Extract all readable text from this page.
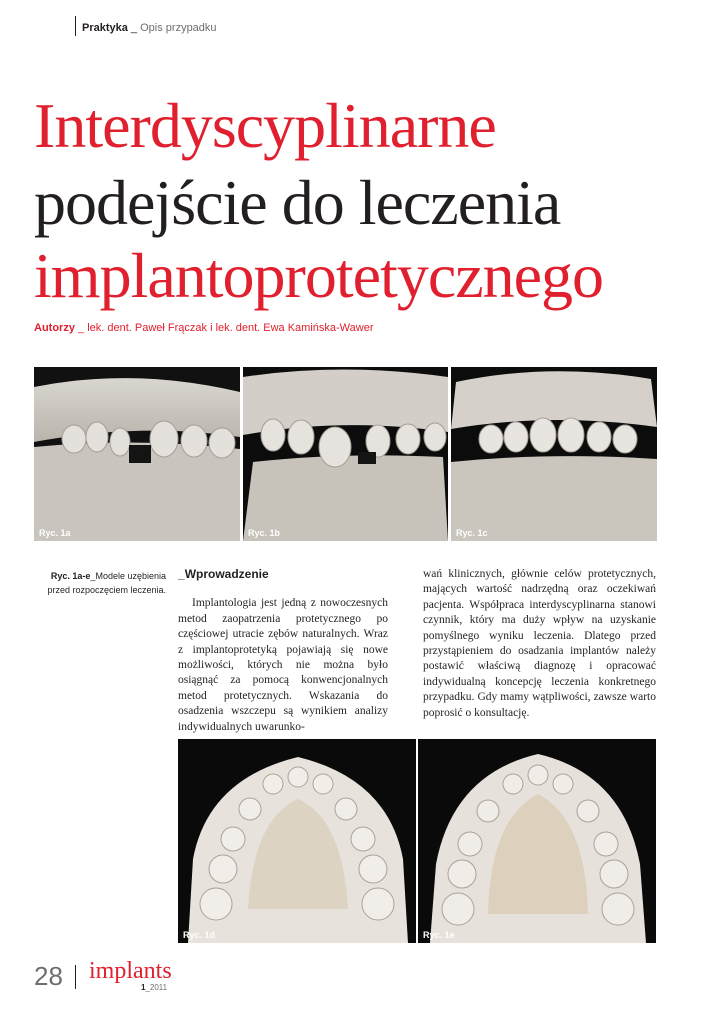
Praktyka _ Opis przypadku
Interdyscyplinarne
podejście do leczenia
implantoprotetycznego
Autorzy _ lek. dent. Paweł Frączak i lek. dent. Ewa Kamińska-Wawer
Ryc. 1a	Ryc. 1b	Ryc. 1c
Ryc. 1a-e_Modele uzębienia przed rozpoczęciem leczenia.
_Wprowadzenie

Implantologia jest jedną z nowoczesnych metod zaopatrzenia protetycznego po częściowej utracie zębów naturalnych. Wraz z implantoprotetyką pojawiają się nowe możliwości, których nie można było osiągnąć za pomocą konwencjonalnych metod protetycznych. Wskazania do osadzenia wszczepu są wynikiem analizy indywidualnych uwarunko-

wań klinicznych, głównie celów protetycznych, mających wartość nadrzędną oraz oczekiwań pacjenta. Współpraca interdyscyplinarna stanowi czynnik, który ma duży wpływ na uzyskanie pomyślnego wyniku leczenia. Dlatego przed przystąpieniem do osadzania implantów należy postawić właściwą diagnozę i opracować indywidualną koncepcję leczenia konkretnego przypadku. Gdy mamy wątpliwości, zawsze warto poprosić o konsultację.

Ryc. 1d	Ryc. 1e
28 implants
1_2011
